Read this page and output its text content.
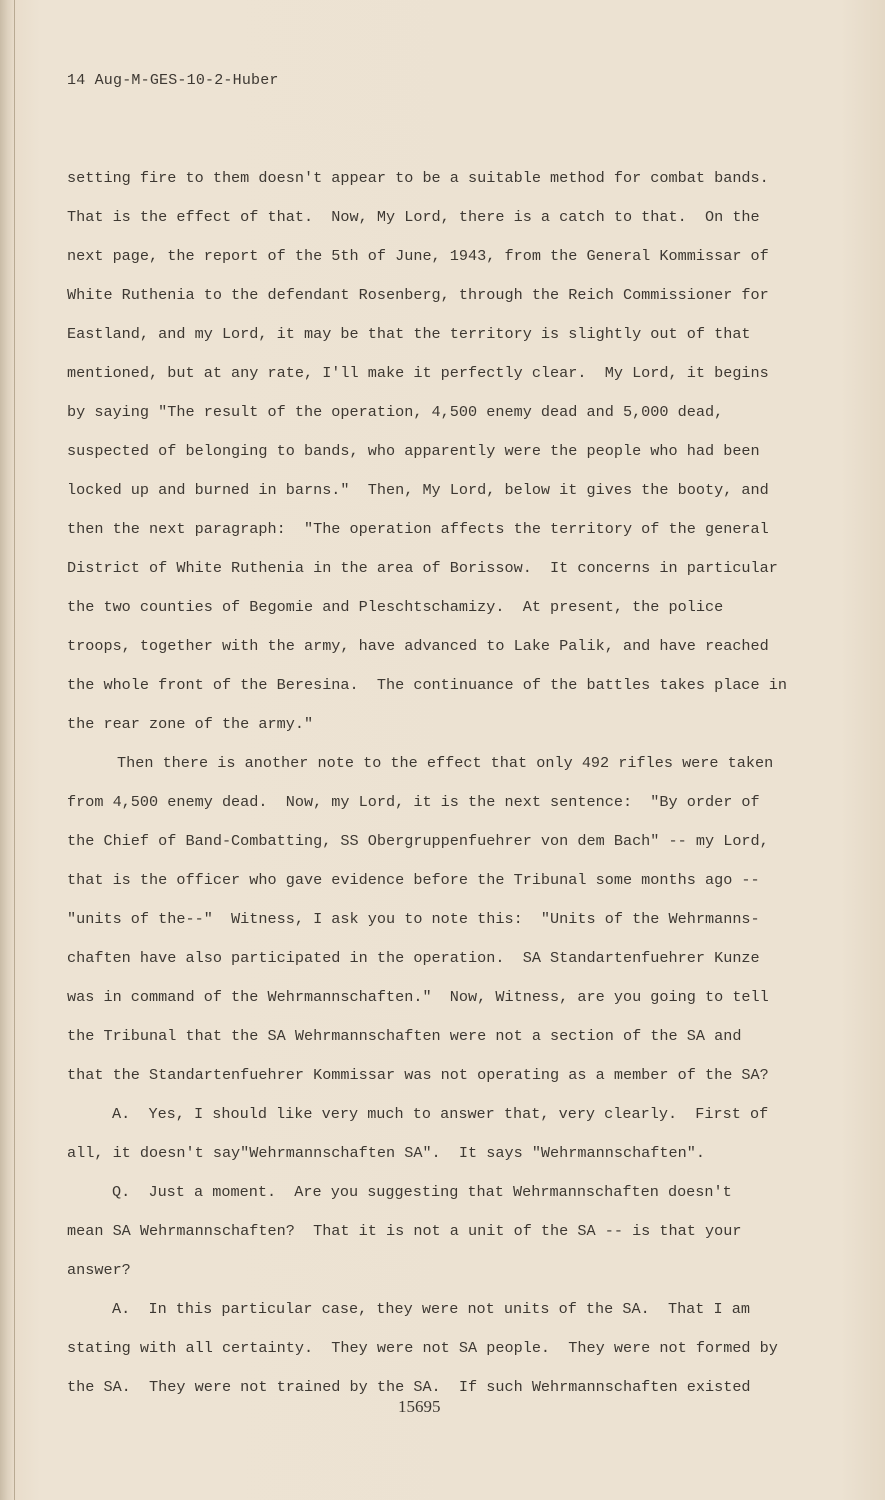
14 Aug-M-GES-10-2-Huber
setting fire to them doesn't appear to be a suitable method for combat bands.
That is the effect of that.  Now, My Lord, there is a catch to that.  On the
next page, the report of the 5th of June, 1943, from the General Kommissar of
White Ruthenia to the defendant Rosenberg, through the Reich Commissioner for
Eastland, and my Lord, it may be that the territory is slightly out of that
mentioned, but at any rate, I'll make it perfectly clear.  My Lord, it begins
by saying "The result of the operation, 4,500 enemy dead and 5,000 dead,
suspected of belonging to bands, who apparently were the people who had been
locked up and burned in barns."  Then, My Lord, below it gives the booty, and
then the next paragraph:  "The operation affects the territory of the general
District of White Ruthenia in the area of Borissow.  It concerns in particular
the two counties of Begomie and Pleschtschamizy.  At present, the police
troops, together with the army, have advanced to Lake Palik, and have reached
the whole front of the Beresina.  The continuance of the battles takes place in
the rear zone of the army."
Then there is another note to the effect that only 492 rifles were taken
from 4,500 enemy dead.  Now, my Lord, it is the next sentence:  "By order of
the Chief of Band-Combatting, SS Obergruppenfuehrer von dem Bach" -- my Lord,
that is the officer who gave evidence before the Tribunal some months ago --
"units of the--"  Witness, I ask you to note this:  "Units of the Wehrmanns-
chaften have also participated in the operation.  SA Standartenfuehrer Kunze
was in command of the Wehrmannschaften."  Now, Witness, are you going to tell
the Tribunal that the SA Wehrmannschaften were not a section of the SA and
that the Standartenfuehrer Kommissar was not operating as a member of the SA?
A.  Yes, I should like very much to answer that, very clearly.  First of
all, it doesn't say"Wehrmannschaften SA".  It says "Wehrmannschaften".
Q.  Just a moment.  Are you suggesting that Wehrmannschaften doesn't
mean SA Wehrmannschaften?  That it is not a unit of the SA -- is that your
answer?
A.  In this particular case, they were not units of the SA.  That I am
stating with all certainty.  They were not SA people.  They were not formed by
the SA.  They were not trained by the SA.  If such Wehrmannschaften existed
15695
